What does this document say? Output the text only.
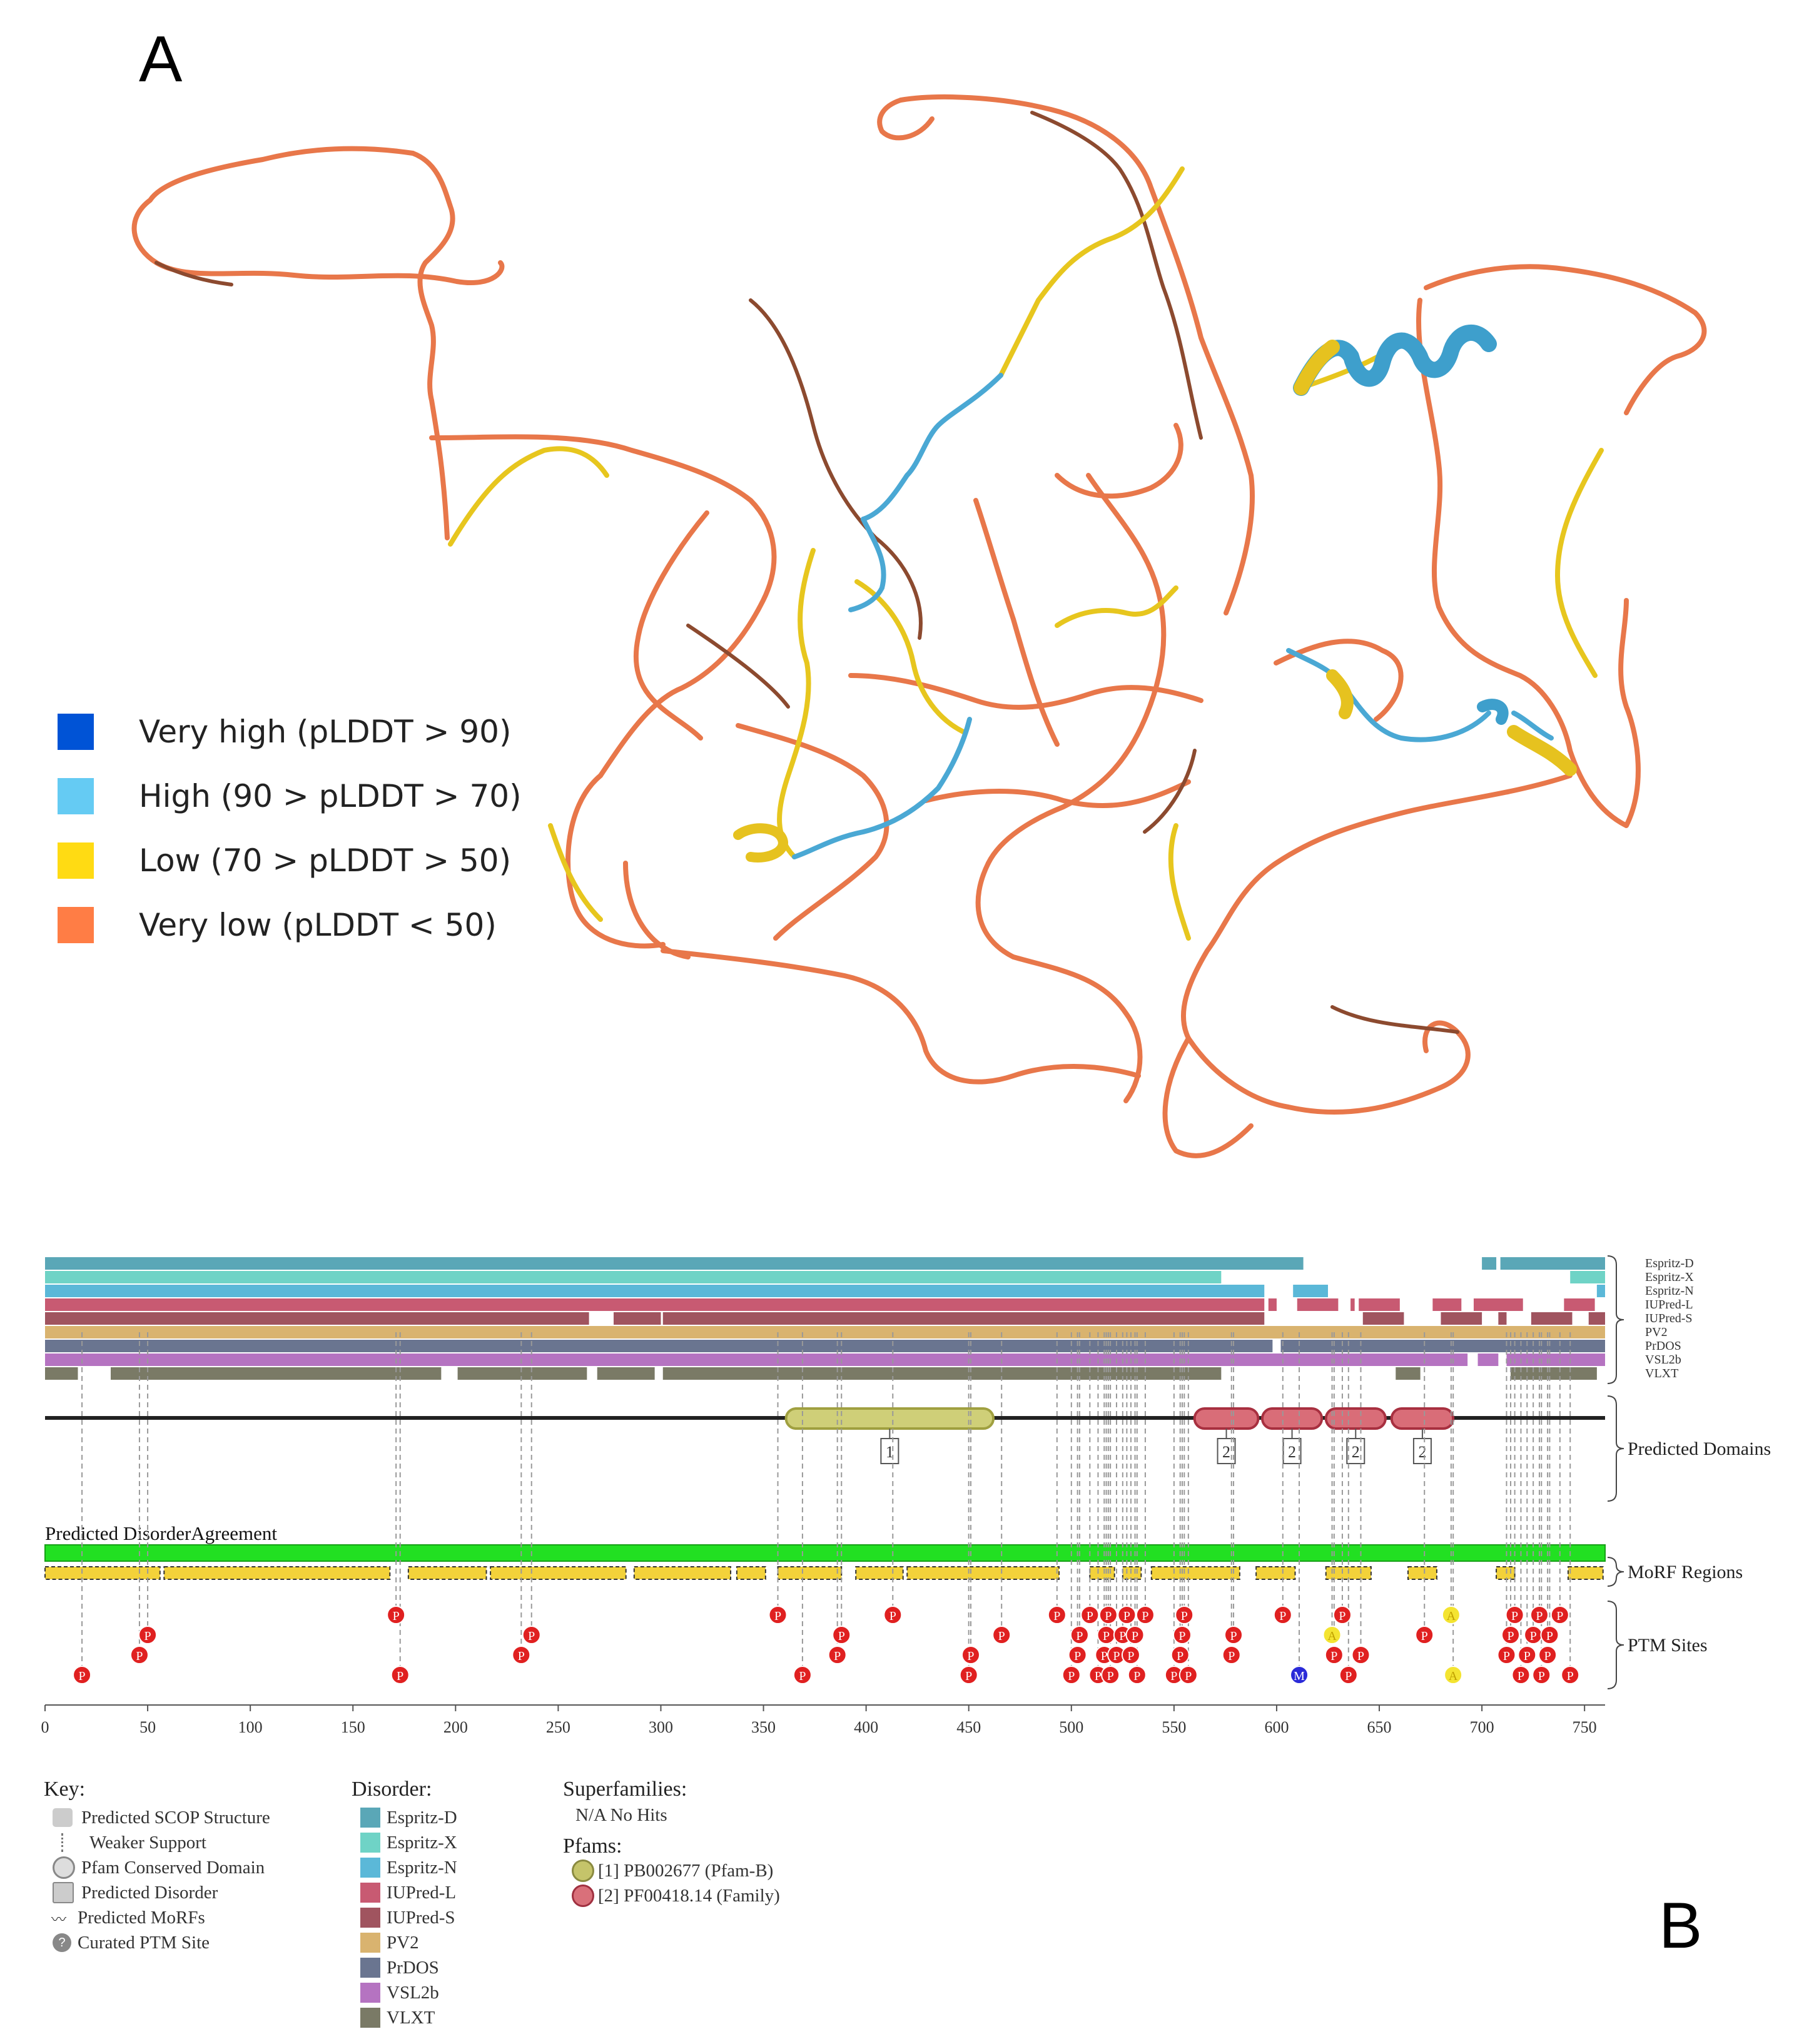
A
Very high (pLDDT > 90)
High (90 > pLDDT > 70)
Low (70 > pLDDT > 50)
Very low (pLDDT < 50)
Espritz-D
Espritz-X
Espritz-N
IUPred-L
IUPred-S
PV2
PrDOS
VSL2b
VLXT
1	2	2	2	2
Predicted DisorderAgreement
P
P
P
P
P
P
P
P
P
P
P
P
P
P
P
P
P
P
P
P
P
P
P
P
P
P
P
P
P
P
P
P
P
P
P
P
P
P
P
P
M
A
P
P
P
P
P
A
A
P
P
P
P
P
P
P
P
P
P
P
P
0	50	100	150	200	250	300	350	400	450	500	550	600	650	700	750
Predicted Domains
MoRF Regions
PTM Sites
Key:
Predicted SCOP Structure
Weaker Support
Pfam Conserved Domain
Predicted Disorder
〰 Predicted MoRFs
? Curated PTM Site
Disorder:
Espritz-D
Espritz-X
Espritz-N
IUPred-L
IUPred-S
PV2
PrDOS
VSL2b
VLXT
Superfamilies:
N/A No Hits
Pfams:
[1] PB002677 (Pfam-B)
[2] PF00418.14 (Family)	B
